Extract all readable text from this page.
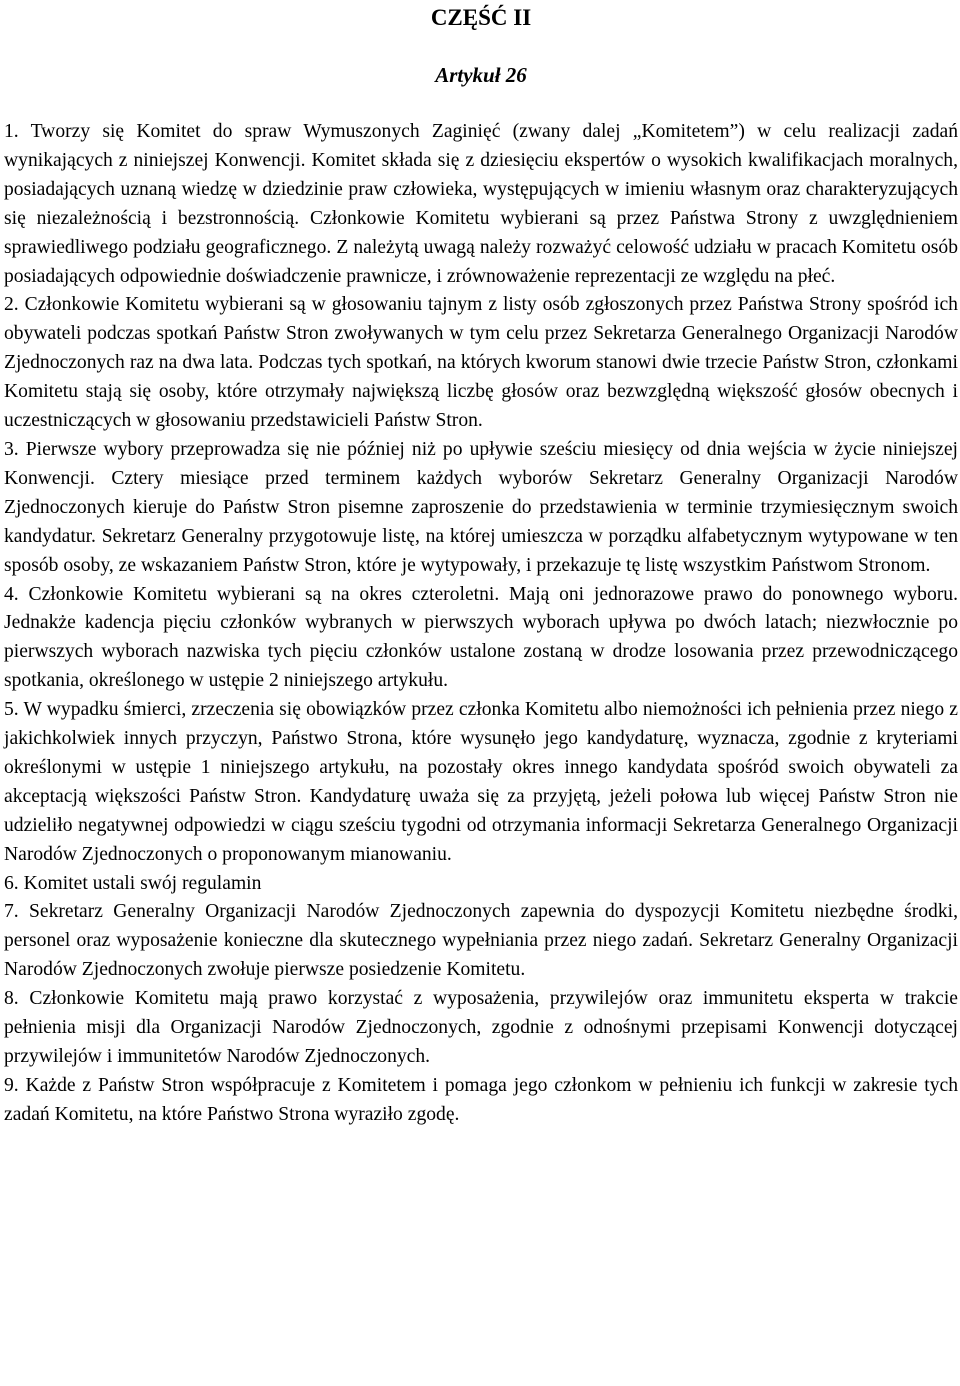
CZĘŚĆ II
Artykuł 26

1. Tworzy się Komitet do spraw Wymuszonych Zaginięć (zwany dalej „Komitetem”) w celu realizacji zadań wynikających z niniejszej Konwencji. Komitet składa się z dziesięciu ekspertów o wysokich kwalifikacjach moralnych, posiadających uznaną wiedzę w dziedzinie praw człowieka, występujących w imieniu własnym oraz charakteryzujących się niezależnością i bezstronnością. Członkowie Komitetu wybierani są przez Państwa Strony z uwzględnieniem sprawiedliwego podziału geograficznego. Z należytą uwagą należy rozważyć celowość udziału w pracach Komitetu osób posiadających odpowiednie doświadczenie prawnicze, i zrównoważenie reprezentacji ze względu na płeć.

2. Członkowie Komitetu wybierani są w głosowaniu tajnym z listy osób zgłoszonych przez Państwa Strony spośród ich obywateli podczas spotkań Państw Stron zwoływanych w tym celu przez Sekretarza Generalnego Organizacji Narodów Zjednoczonych raz na dwa lata. Podczas tych spotkań, na których kworum stanowi dwie trzecie Państw Stron, członkami Komitetu stają się osoby, które otrzymały największą liczbę głosów oraz bezwzględną większość głosów obecnych i uczestniczących w głosowaniu przedstawicieli Państw Stron.

3. Pierwsze wybory przeprowadza się nie później niż po upływie sześciu miesięcy od dnia wejścia w życie niniejszej Konwencji. Cztery miesiące przed terminem każdych wyborów Sekretarz Generalny Organizacji Narodów Zjednoczonych kieruje do Państw Stron pisemne zaproszenie do przedstawienia w terminie trzymiesięcznym swoich kandydatur. Sekretarz Generalny przygotowuje listę, na której umieszcza w porządku alfabetycznym wytypowane w ten sposób osoby, ze wskazaniem Państw Stron, które je wytypowały, i przekazuje tę listę wszystkim Państwom Stronom.

4. Członkowie Komitetu wybierani są na okres czteroletni. Mają oni jednorazowe prawo do ponownego wyboru. Jednakże kadencja pięciu członków wybranych w pierwszych wyborach upływa po dwóch latach; niezwłocznie po pierwszych wyborach nazwiska tych pięciu członków ustalone zostaną w drodze losowania przez przewodniczącego spotkania, określonego w ustępie 2 niniejszego artykułu.

5. W wypadku śmierci, zrzeczenia się obowiązków przez członka Komitetu albo niemożności ich pełnienia przez niego z jakichkolwiek innych przyczyn, Państwo Strona, które wysunęło jego kandydaturę, wyznacza, zgodnie z kryteriami określonymi w ustępie 1 niniejszego artykułu, na pozostały okres innego kandydata spośród swoich obywateli za akceptacją większości Państw Stron. Kandydaturę uważa się za przyjętą, jeżeli połowa lub więcej Państw Stron nie udzieliło negatywnej odpowiedzi w ciągu sześciu tygodni od otrzymania informacji Sekretarza Generalnego Organizacji Narodów Zjednoczonych o proponowanym mianowaniu.

6. Komitet ustali swój regulamin

7. Sekretarz Generalny Organizacji Narodów Zjednoczonych zapewnia do dyspozycji Komitetu niezbędne środki, personel oraz wyposażenie konieczne dla skutecznego wypełniania przez niego zadań. Sekretarz Generalny Organizacji Narodów Zjednoczonych zwołuje pierwsze posiedzenie Komitetu.

8. Członkowie Komitetu mają prawo korzystać z wyposażenia, przywilejów oraz immunitetu eksperta w trakcie pełnienia misji dla Organizacji Narodów Zjednoczonych, zgodnie z odnośnymi przepisami Konwencji dotyczącej przywilejów i immunitetów Narodów Zjednoczonych.

9. Każde z Państw Stron współpracuje z Komitetem i pomaga jego członkom w pełnieniu ich funkcji w zakresie tych zadań Komitetu, na które Państwo Strona wyraziło zgodę.
